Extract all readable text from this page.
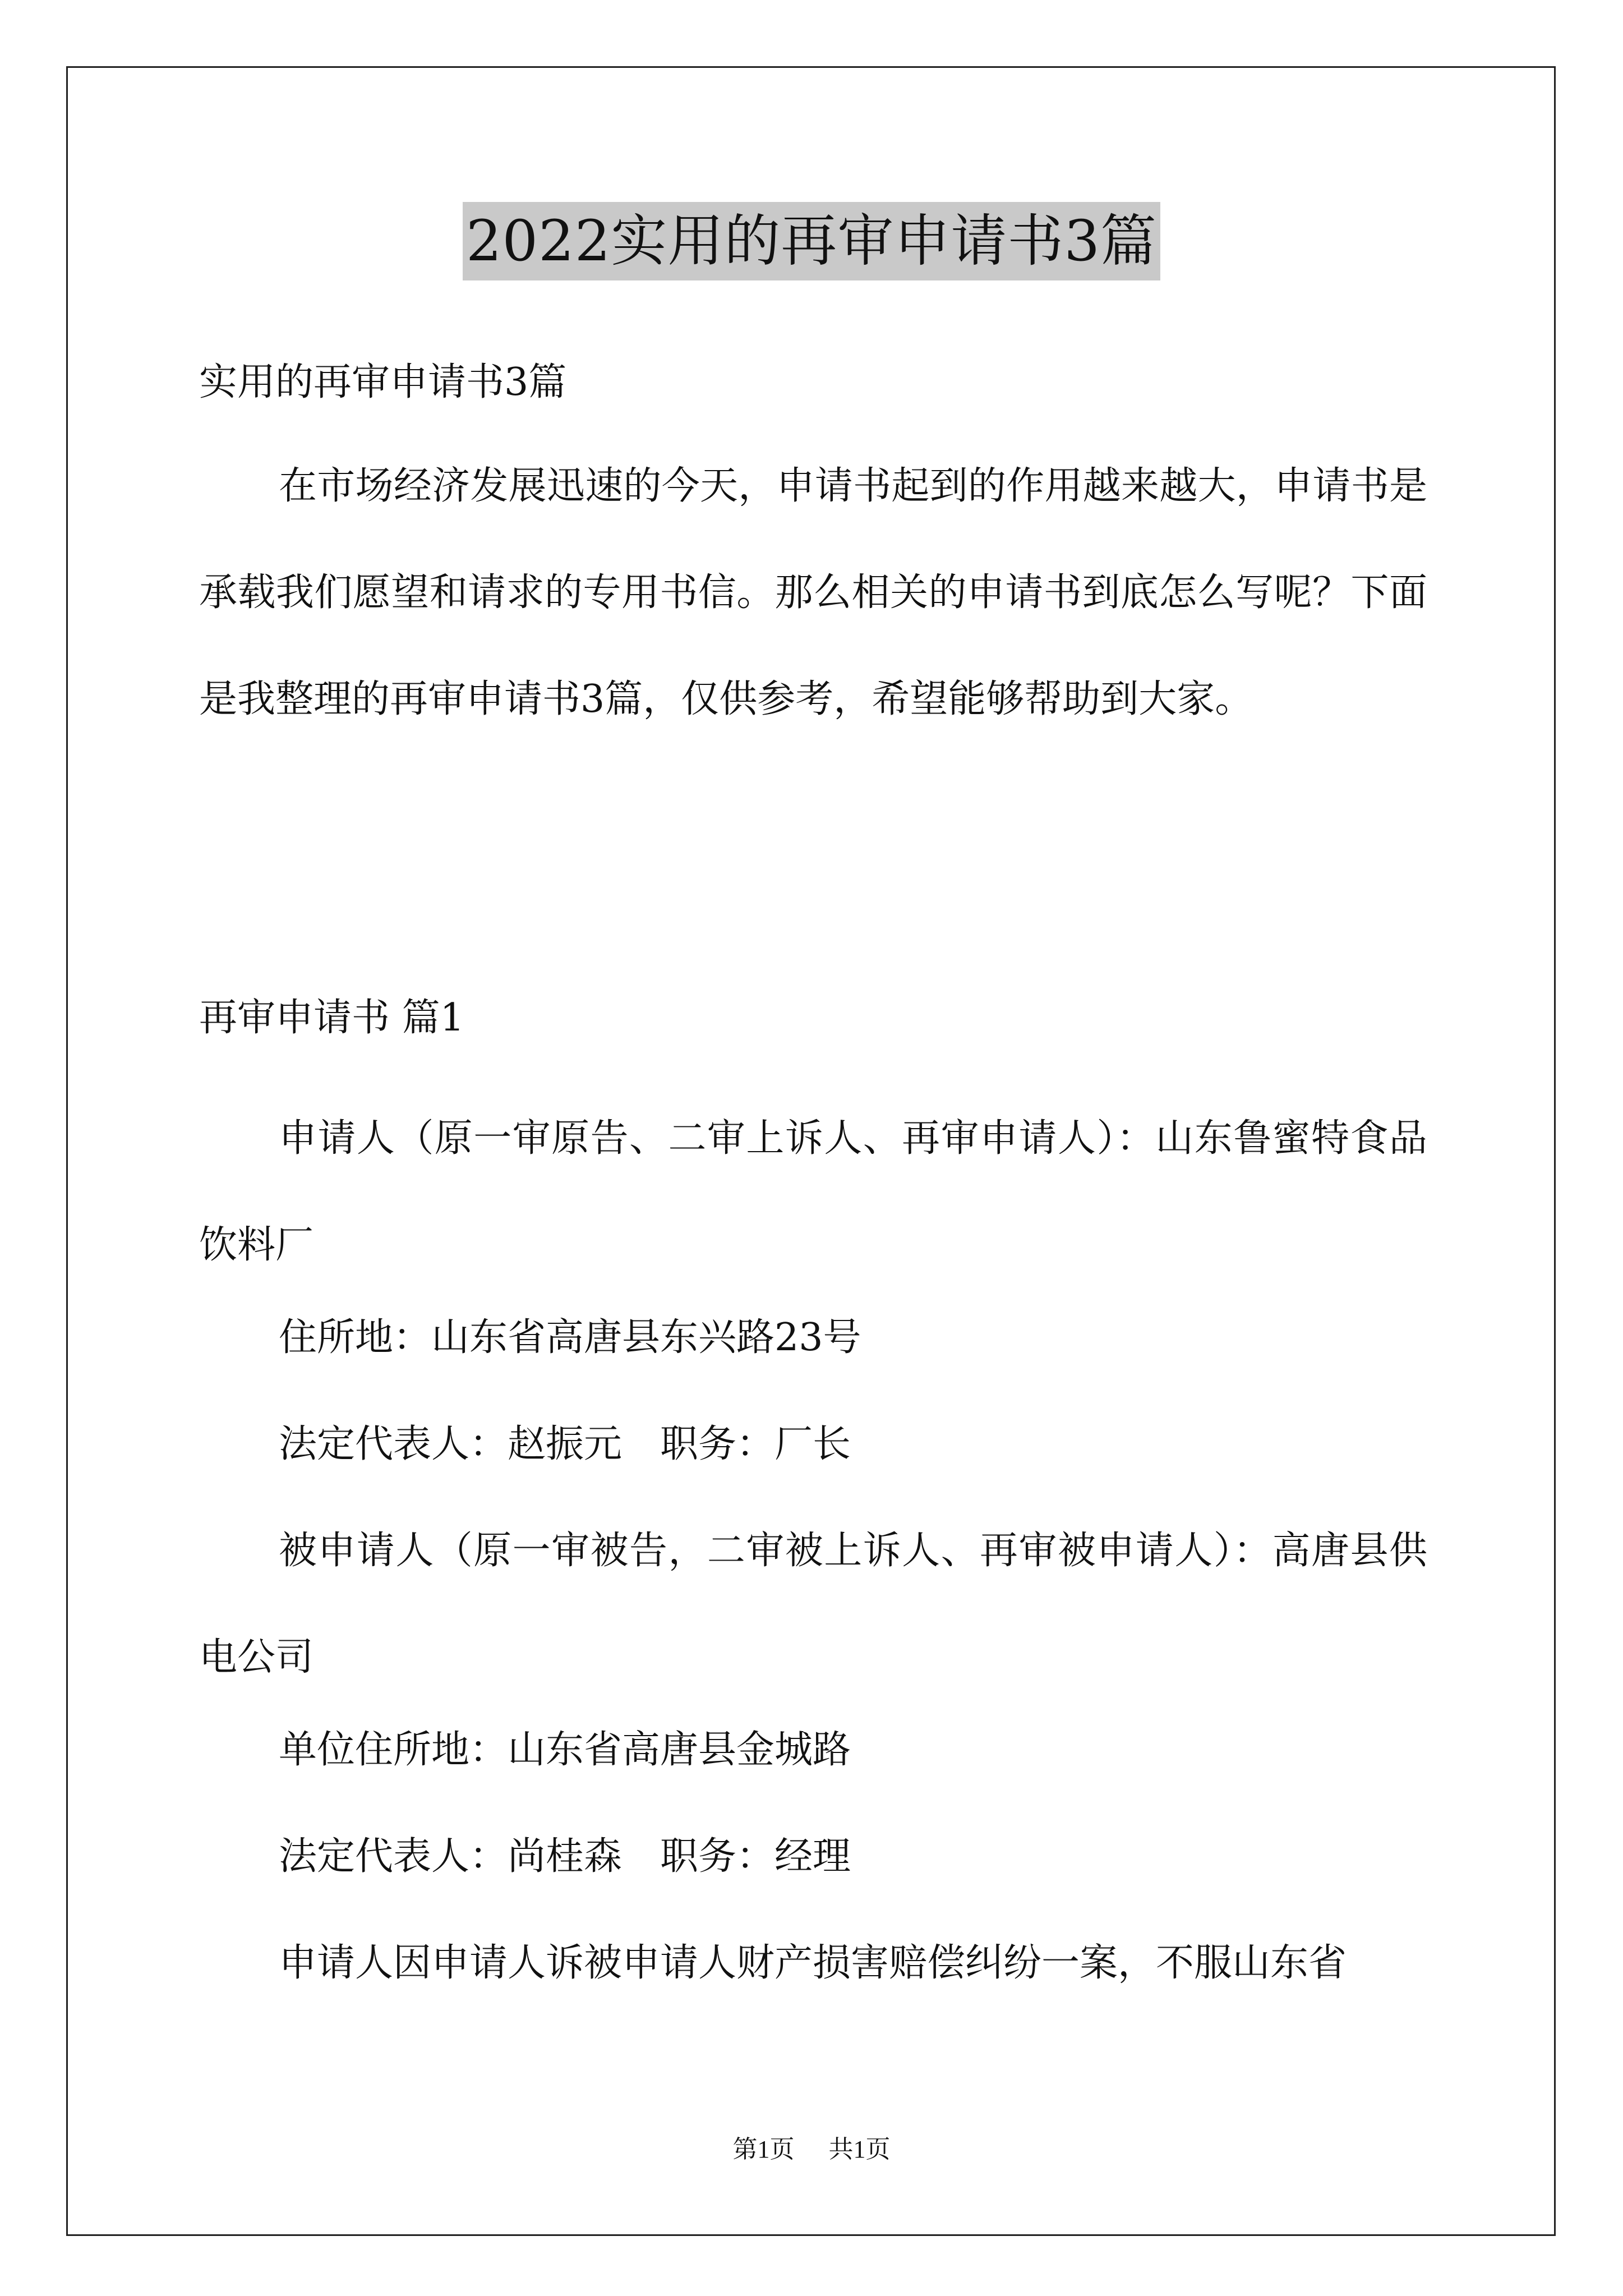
2022实用的再审申请书3篇

实用的再审申请书3篇

在市场经济发展迅速的今天，申请书起到的作用越来越大，申请书是承载我们愿望和请求的专用书信。那么相关的申请书到底怎么写呢？下面是我整理的再审申请书3篇，仅供参考，希望能够帮助到大家。

再审申请书 篇1

申请人（原一审原告、二审上诉人、再审申请人）：山东鲁蜜特食品饮料厂

住所地：山东省高唐县东兴路23号

法定代表人：赵振元　职务：厂长

被申请人（原一审被告，二审被上诉人、再审被申请人）：高唐县供电公司

单位住所地：山东省高唐县金城路

法定代表人：尚桂森　职务：经理

申请人因申请人诉被申请人财产损害赔偿纠纷一案，不服山东省

第1页 共1页
